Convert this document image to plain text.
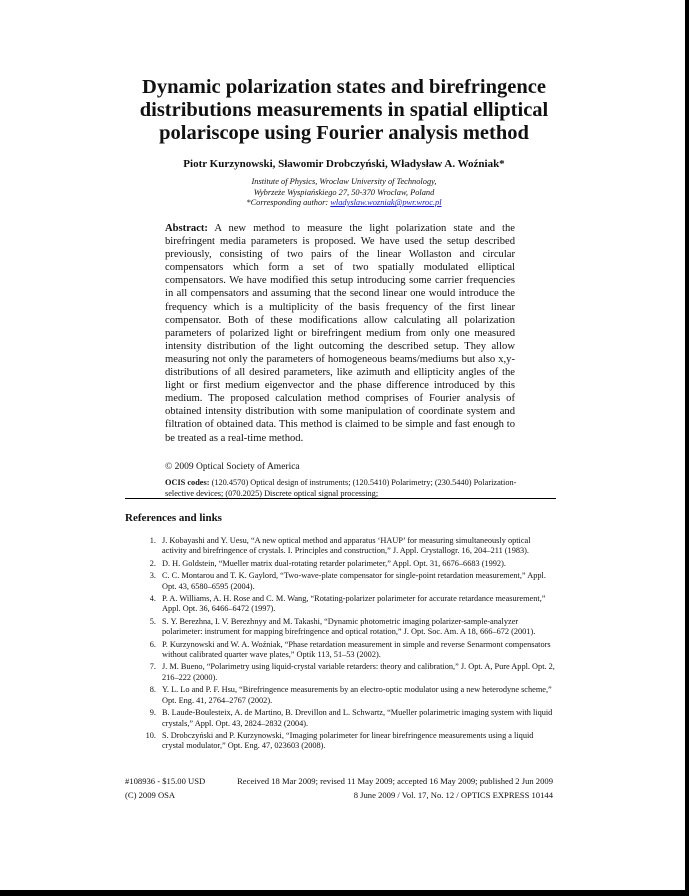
Dynamic polarization states and birefringence distributions measurements in spatial elliptical polariscope using Fourier analysis method
Piotr Kurzynowski, Sławomir Drobczyński, Władysław A. Woźniak*
Institute of Physics, Wroclaw University of Technology,
Wybrzeże Wyspiańskiego 27, 50-370 Wroclaw, Poland
*Corresponding author: wladyslaw.wozniak@pwr.wroc.pl
Abstract: A new method to measure the light polarization state and the birefringent media parameters is proposed. We have used the setup described previously, consisting of two pairs of the linear Wollaston and circular compensators which form a set of two spatially modulated elliptical compensators. We have modified this setup introducing some carrier frequencies in all compensators and assuming that the second linear one would introduce the frequency which is a multiplicity of the basis frequency of the first linear compensator. Both of these modifications allow calculating all polarization parameters of polarized light or birefringent medium from only one measured intensity distribution of the light outcoming the described setup. They allow measuring not only the parameters of homogeneous beams/mediums but also x,y-distributions of all desired parameters, like azimuth and ellipticity angles of the light or first medium eigenvector and the phase difference introduced by this medium. The proposed calculation method comprises of Fourier analysis of obtained intensity distribution with some manipulation of coordinate system and filtration of obtained data. This method is claimed to be simple and fast enough to be treated as a real-time method.
© 2009 Optical Society of America
OCIS codes: (120.4570) Optical design of instruments; (120.5410) Polarimetry; (230.5440) Polarization-selective devices; (070.2025) Discrete optical signal processing;
References and links
1. J. Kobayashi and Y. Uesu, “A new optical method and apparatus ‘HAUP’ for measuring simultaneously optical activity and birefringence of crystals. I. Principles and construction,” J. Appl. Crystallogr. 16, 204–211 (1983).
2. D. H. Goldstein, “Mueller matrix dual-rotating retarder polarimeter,” Appl. Opt. 31, 6676–6683 (1992).
3. C. C. Montarou and T. K. Gaylord, “Two-wave-plate compensator for single-point retardation measurement,” Appl. Opt. 43, 6580–6595 (2004).
4. P. A. Williams, A. H. Rose and C. M. Wang, “Rotating-polarizer polarimeter for accurate retardance measurement,” Appl. Opt. 36, 6466–6472 (1997).
5. S. Y. Berezhna, I. V. Berezhnyy and M. Takashi, “Dynamic photometric imaging polarizer-sample-analyzer polarimeter: instrument for mapping birefringence and optical rotation,” J. Opt. Soc. Am. A 18, 666–672 (2001).
6. P. Kurzynowski and W. A. Woźniak, “Phase retardation measurement in simple and reverse Senarmont compensators without calibrated quarter wave plates,” Optik 113, 51–53 (2002).
7. J. M. Bueno, “Polarimetry using liquid-crystal variable retarders: theory and calibration,” J. Opt. A, Pure Appl. Opt. 2, 216–222 (2000).
8. Y. L. Lo and P. F. Hsu, “Birefringence measurements by an electro-optic modulator using a new heterodyne scheme,” Opt. Eng. 41, 2764–2767 (2002).
9. B. Laude-Boulesteix, A. de Martino, B. Drevillon and L. Schwartz, “Mueller polarimetric imaging system with liquid crystals,” Appl. Opt. 43, 2824–2832 (2004).
10. S. Drobczyński and P. Kurzynowski, “Imaging polarimeter for linear birefringence measurements using a liquid crystal modulator,” Opt. Eng. 47, 023603 (2008).
#108936 - $15.00 USD	Received 18 Mar 2009; revised 11 May 2009; accepted 16 May 2009; published 2 Jun 2009
(C) 2009 OSA	8 June 2009 / Vol. 17, No. 12 / OPTICS EXPRESS 10144
